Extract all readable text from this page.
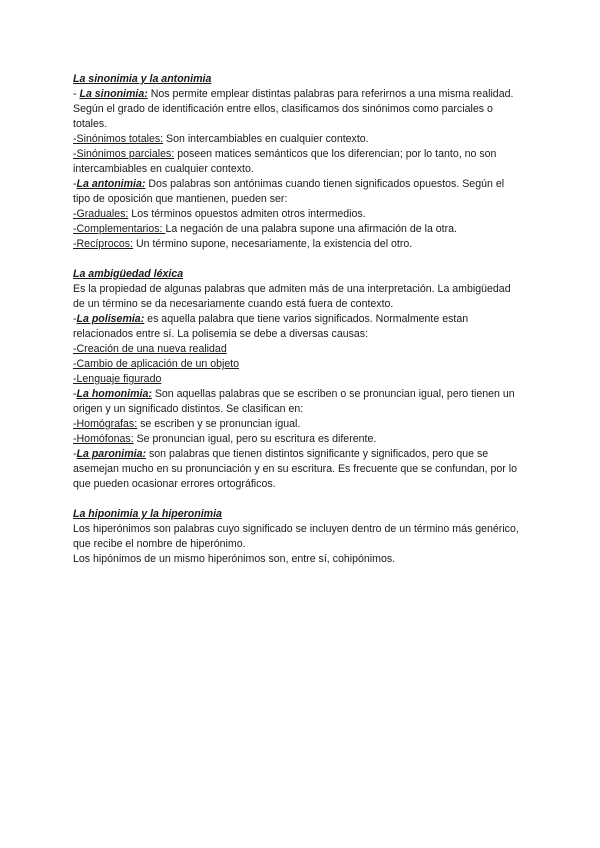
La sinonimia y la antonimia

- La sinonimia: Nos permite emplear distintas palabras para referirnos a una misma realidad. Según el grado de identificación entre ellos, clasificamos dos sinónimos como parciales o totales.

-Sinónimos totales: Son intercambiables en cualquier contexto.

-Sinónimos parciales: poseen matices semánticos que los diferencian; por lo tanto, no son intercambiables en cualquier contexto.

-La antonimia: Dos palabras son antónimas cuando tienen significados opuestos. Según el tipo de oposición que mantienen, pueden ser:

-Graduales: Los términos opuestos admiten otros intermedios.

-Complementarios: La negación de una palabra supone una afirmación de la otra.

-Recíprocos: Un término supone, necesariamente, la existencia del otro.

La ambigüedad léxica

Es la propiedad de algunas palabras que admiten más de una interpretación. La ambigüedad de un término se da necesariamente cuando está fuera de contexto.

-La polisemia: es aquella palabra que tiene varios significados. Normalmente estan relacionados entre sí. La polisemia se debe a diversas causas:

-Creación de una nueva realidad

-Cambio de aplicación de un objeto

-Lenguaje figurado

-La homonimia: Son aquellas palabras que se escriben o se pronuncian igual, pero tienen un origen y un significado distintos. Se clasifican en:

-Homógrafas: se escriben y se pronuncian igual.

-Homófonas: Se pronuncian igual, pero su escritura es diferente.

-La paronimia: son palabras que tienen distintos significante y significados, pero que se asemejan mucho en su pronunciación y en su escritura. Es frecuente que se confundan, por lo que pueden ocasionar errores ortográficos.

La hiponimia y la hiperonimia

Los hiperónimos son palabras cuyo significado se incluyen dentro de un término más genérico, que recibe el nombre de hiperónimo.

Los hipónimos de un mismo hiperónimos son, entre sí, cohipónimos.
